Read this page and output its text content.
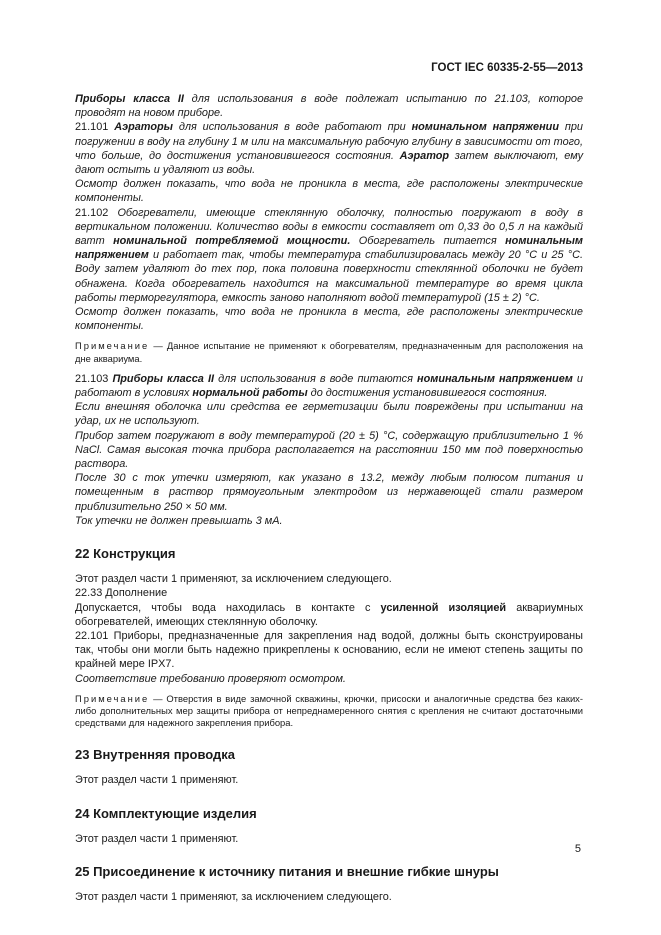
ГОСТ IEC 60335-2-55—2013

Приборы класса II для использования в воде подлежат испытанию по 21.103, которое проводят на новом приборе.

21.101 Аэраторы для использования в воде работают при номинальном напряжении при погружении в воду на глубину 1 м или на максимальную рабочую глубину в зависимости от того, что больше, до достижения установившегося состояния. Аэратор затем выключают, ему дают остыть и удаляют из воды.

Осмотр должен показать, что вода не проникла в места, где расположены электрические компоненты.

21.102 Обогреватели, имеющие стеклянную оболочку, полностью погружают в воду в вертикальном положении. Количество воды в емкости составляет от 0,33 до 0,5 л на каждый ватт номинальной потребляемой мощности. Обогреватель питается номинальным напряжением и работает так, чтобы температура стабилизировалась между 20 °С и 25 °С. Воду затем удаляют до тех пор, пока половина поверхности стеклянной оболочки не будет обнажена. Когда обогреватель находится на максимальной температуре во время цикла работы терморегулятора, емкость заново наполняют водой температурой (15 ± 2) °С.

Осмотр должен показать, что вода не проникла в места, где расположены электрические компоненты.

Примечание — Данное испытание не применяют к обогревателям, предназначенным для расположения на дне аквариума.

21.103 Приборы класса II для использования в воде питаются номинальным напряжением и работают в условиях нормальной работы до достижения установившегося состояния.

Если внешняя оболочка или средства ее герметизации были повреждены при испытании на удар, их не используют.

Прибор затем погружают в воду температурой (20 ± 5) °С, содержащую приблизительно 1 % NaCl. Самая высокая точка прибора располагается на расстоянии 150 мм под поверхностью раствора.

После 30 с ток утечки измеряют, как указано в 13.2, между любым полюсом питания и помещенным в раствор прямоугольным электродом из нержавеющей стали размером приблизительно 250 × 50 мм.

Ток утечки не должен превышать 3 мА.

22 Конструкция

Этот раздел части 1 применяют, за исключением следующего.

22.33 Дополнение

Допускается, чтобы вода находилась в контакте с усиленной изоляцией аквариумных обогревателей, имеющих стеклянную оболочку.

22.101 Приборы, предназначенные для закрепления над водой, должны быть сконструированы так, чтобы они могли быть надежно прикреплены к основанию, если не имеют степень защиты по крайней мере IPX7.

Соответствие требованию проверяют осмотром.

Примечание — Отверстия в виде замочной скважины, крючки, присоски и аналогичные средства без каких-либо дополнительных мер защиты прибора от непреднамеренного снятия с крепления не считают достаточными средствами для надежного закрепления прибора.

23 Внутренняя проводка

Этот раздел части 1 применяют.

24 Комплектующие изделия

Этот раздел части 1 применяют.

25 Присоединение к источнику питания и внешние гибкие шнуры

Этот раздел части 1 применяют, за исключением следующего.

5
